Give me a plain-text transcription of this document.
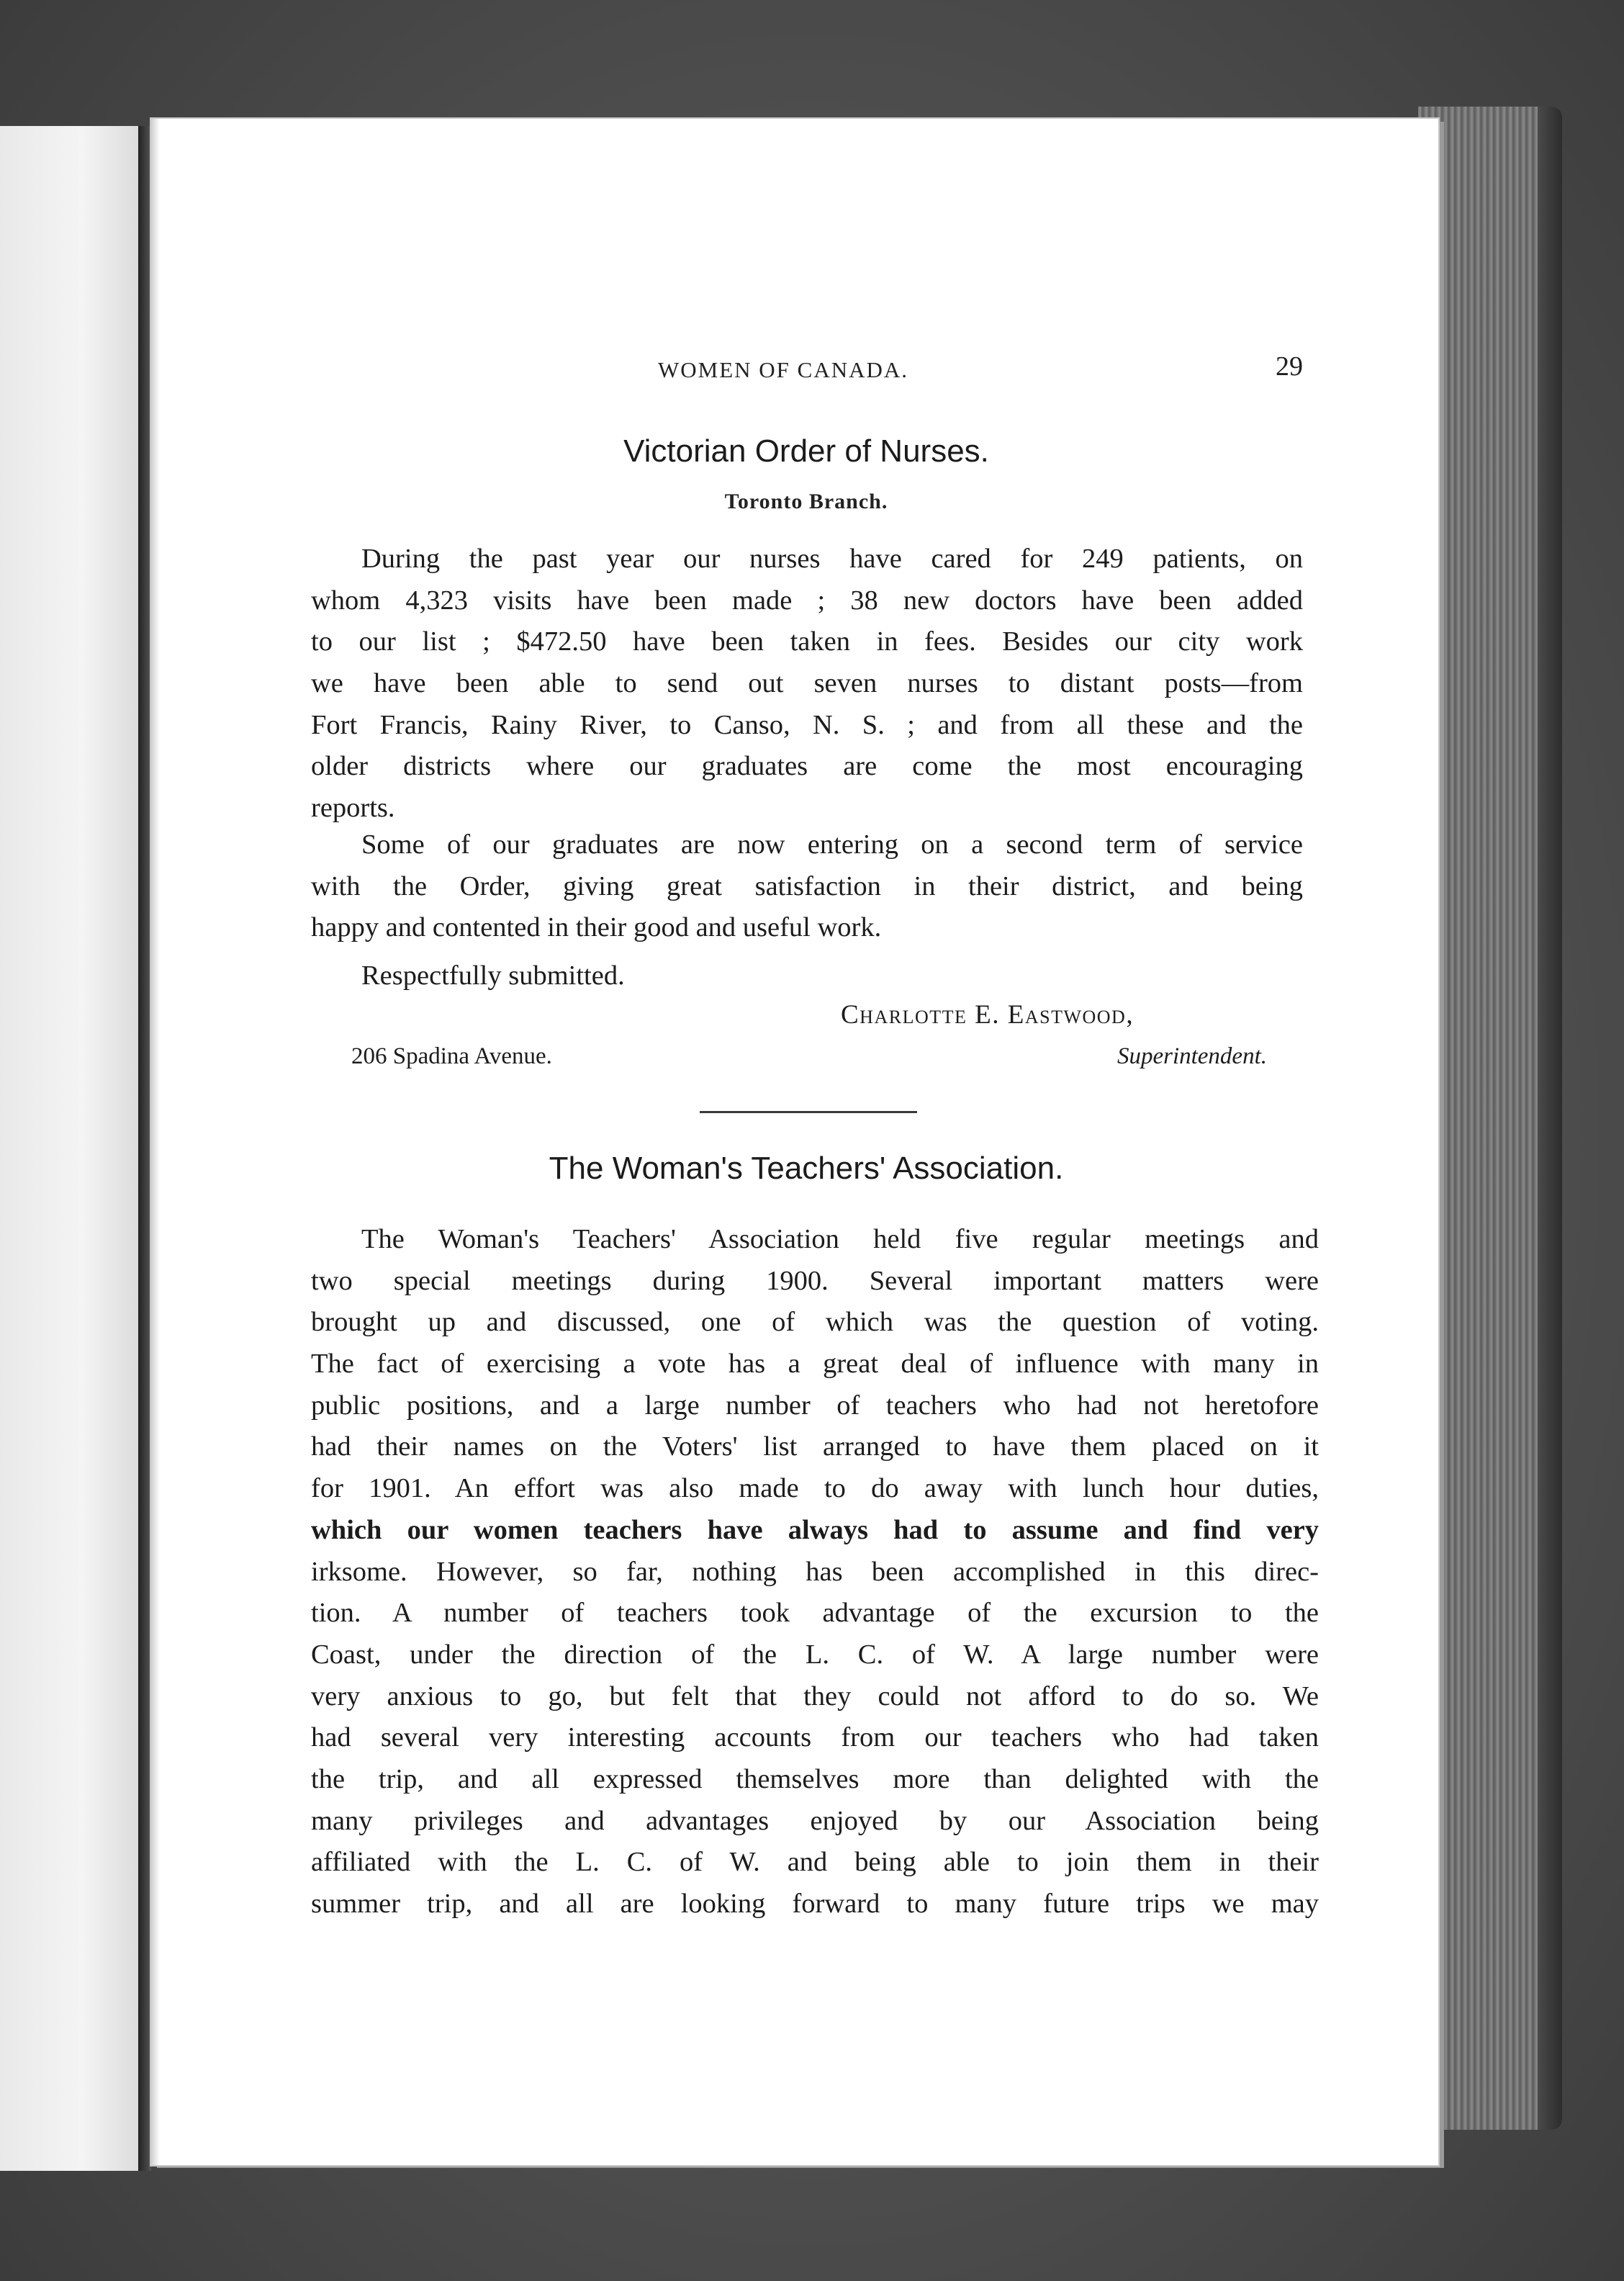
WOMEN OF CANADA.	29
Victorian Order of Nurses.
Toronto Branch.
During the past year our nurses have cared for 249 patients, on
whom 4,323 visits have been made ; 38 new doctors have been added
to our list ; $472.50 have been taken in fees. Besides our city work
we have been able to send out seven nurses to distant posts—from
Fort Francis, Rainy River, to Canso, N. S. ; and from all these and the
older districts where our graduates are come the most encouraging
reports.
Some of our graduates are now entering on a second term of service
with the Order, giving great satisfaction in their district, and being
happy and contented in their good and useful work.
Respectfully submitted.
Charlotte E. Eastwood,
206 Spadina Avenue.	Superintendent.
The Woman's Teachers' Association.
The Woman's Teachers' Association held five regular meetings and
two special meetings during 1900. Several important matters were
brought up and discussed, one of which was the question of voting.
The fact of exercising a vote has a great deal of influence with many in
public positions, and a large number of teachers who had not heretofore
had their names on the Voters' list arranged to have them placed on it
for 1901. An effort was also made to do away with lunch hour duties,
which our women teachers have always had to assume and find very
irksome. However, so far, nothing has been accomplished in this direc-
tion. A number of teachers took advantage of the excursion to the
Coast, under the direction of the L. C. of W. A large number were
very anxious to go, but felt that they could not afford to do so. We
had several very interesting accounts from our teachers who had taken
the trip, and all expressed themselves more than delighted with the
many privileges and advantages enjoyed by our Association being
affiliated with the L. C. of W. and being able to join them in their
summer trip, and all are looking forward to many future trips we may
